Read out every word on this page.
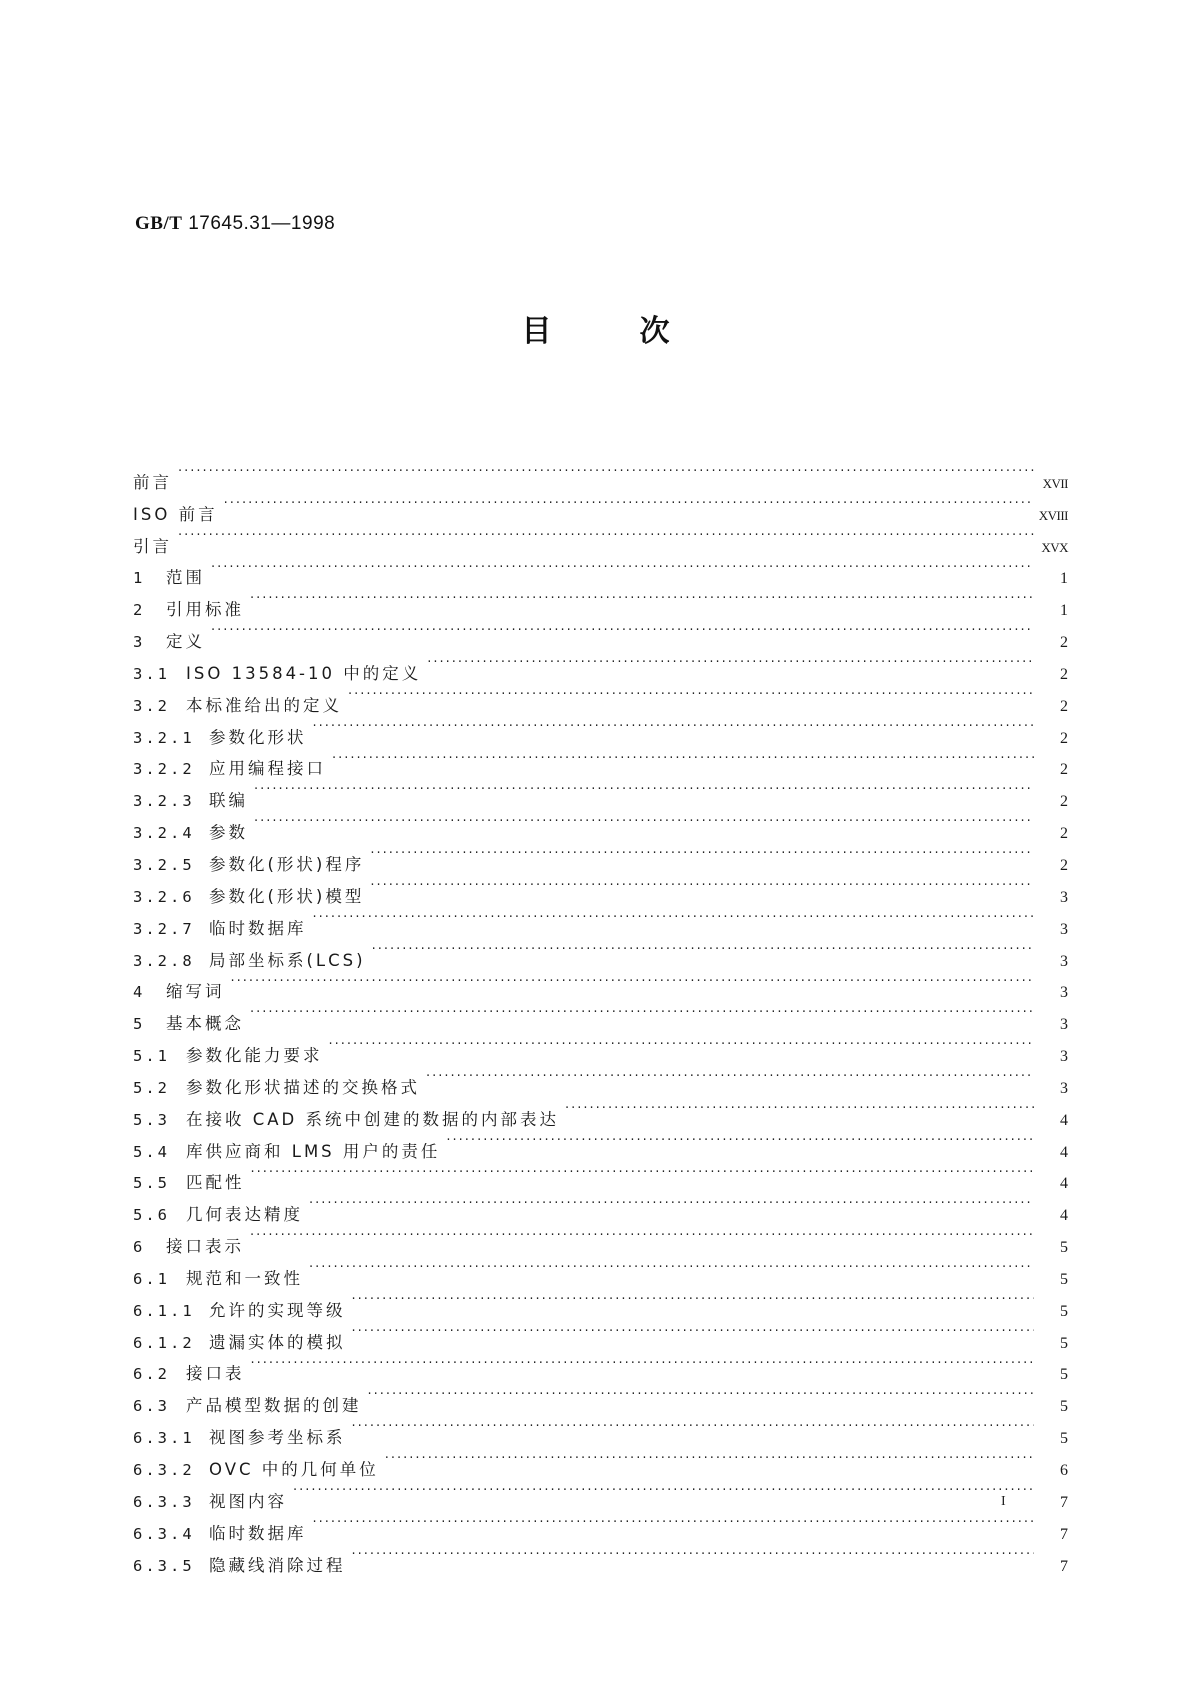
GB/T 17645.31—1998
目	次
前言 ·····	XVII
ISO 前言 ·····	XVIII
引言 ·····	XVX
1	范围 ·····	1
2	引用标准 ·····	1
3	定义 ·····	2
3.1 ISO 13584-10 中的定义 ·····	2
3.2 本标准给出的定义 ·····	2
3.2.1 参数化形状 ·····	2
3.2.2 应用编程接口 ·····	2
3.2.3 联编 ·····	2
3.2.4 参数 ·····	2
3.2.5 参数化(形状)程序 ·····	2
3.2.6 参数化(形状)模型 ·····	3
3.2.7 临时数据库 ·····	3
3.2.8 局部坐标系(LCS) ·····	3
4	缩写词 ·····	3
5	基本概念 ·····	3
5.1 参数化能力要求 ·····	3
5.2 参数化形状描述的交换格式 ·····	3
5.3 在接收 CAD 系统中创建的数据的内部表达 ·····	4
5.4 库供应商和 LMS 用户的责任 ·····	4
5.5 匹配性 ·····	4
5.6 几何表达精度 ·····	4
6	接口表示 ·····	5
6.1 规范和一致性 ·····	5
6.1.1 允许的实现等级 ·····	5
6.1.2 遗漏实体的模拟 ·····	5
6.2 接口表 ·····	5
6.3 产品模型数据的创建 ·····	5
6.3.1 视图参考坐标系 ·····	5
6.3.2 OVC 中的几何单位 ·····	6
6.3.3 视图内容 ·····	7
6.3.4 临时数据库 ·····	7
6.3.5 隐藏线消除过程 ·····	7
I
